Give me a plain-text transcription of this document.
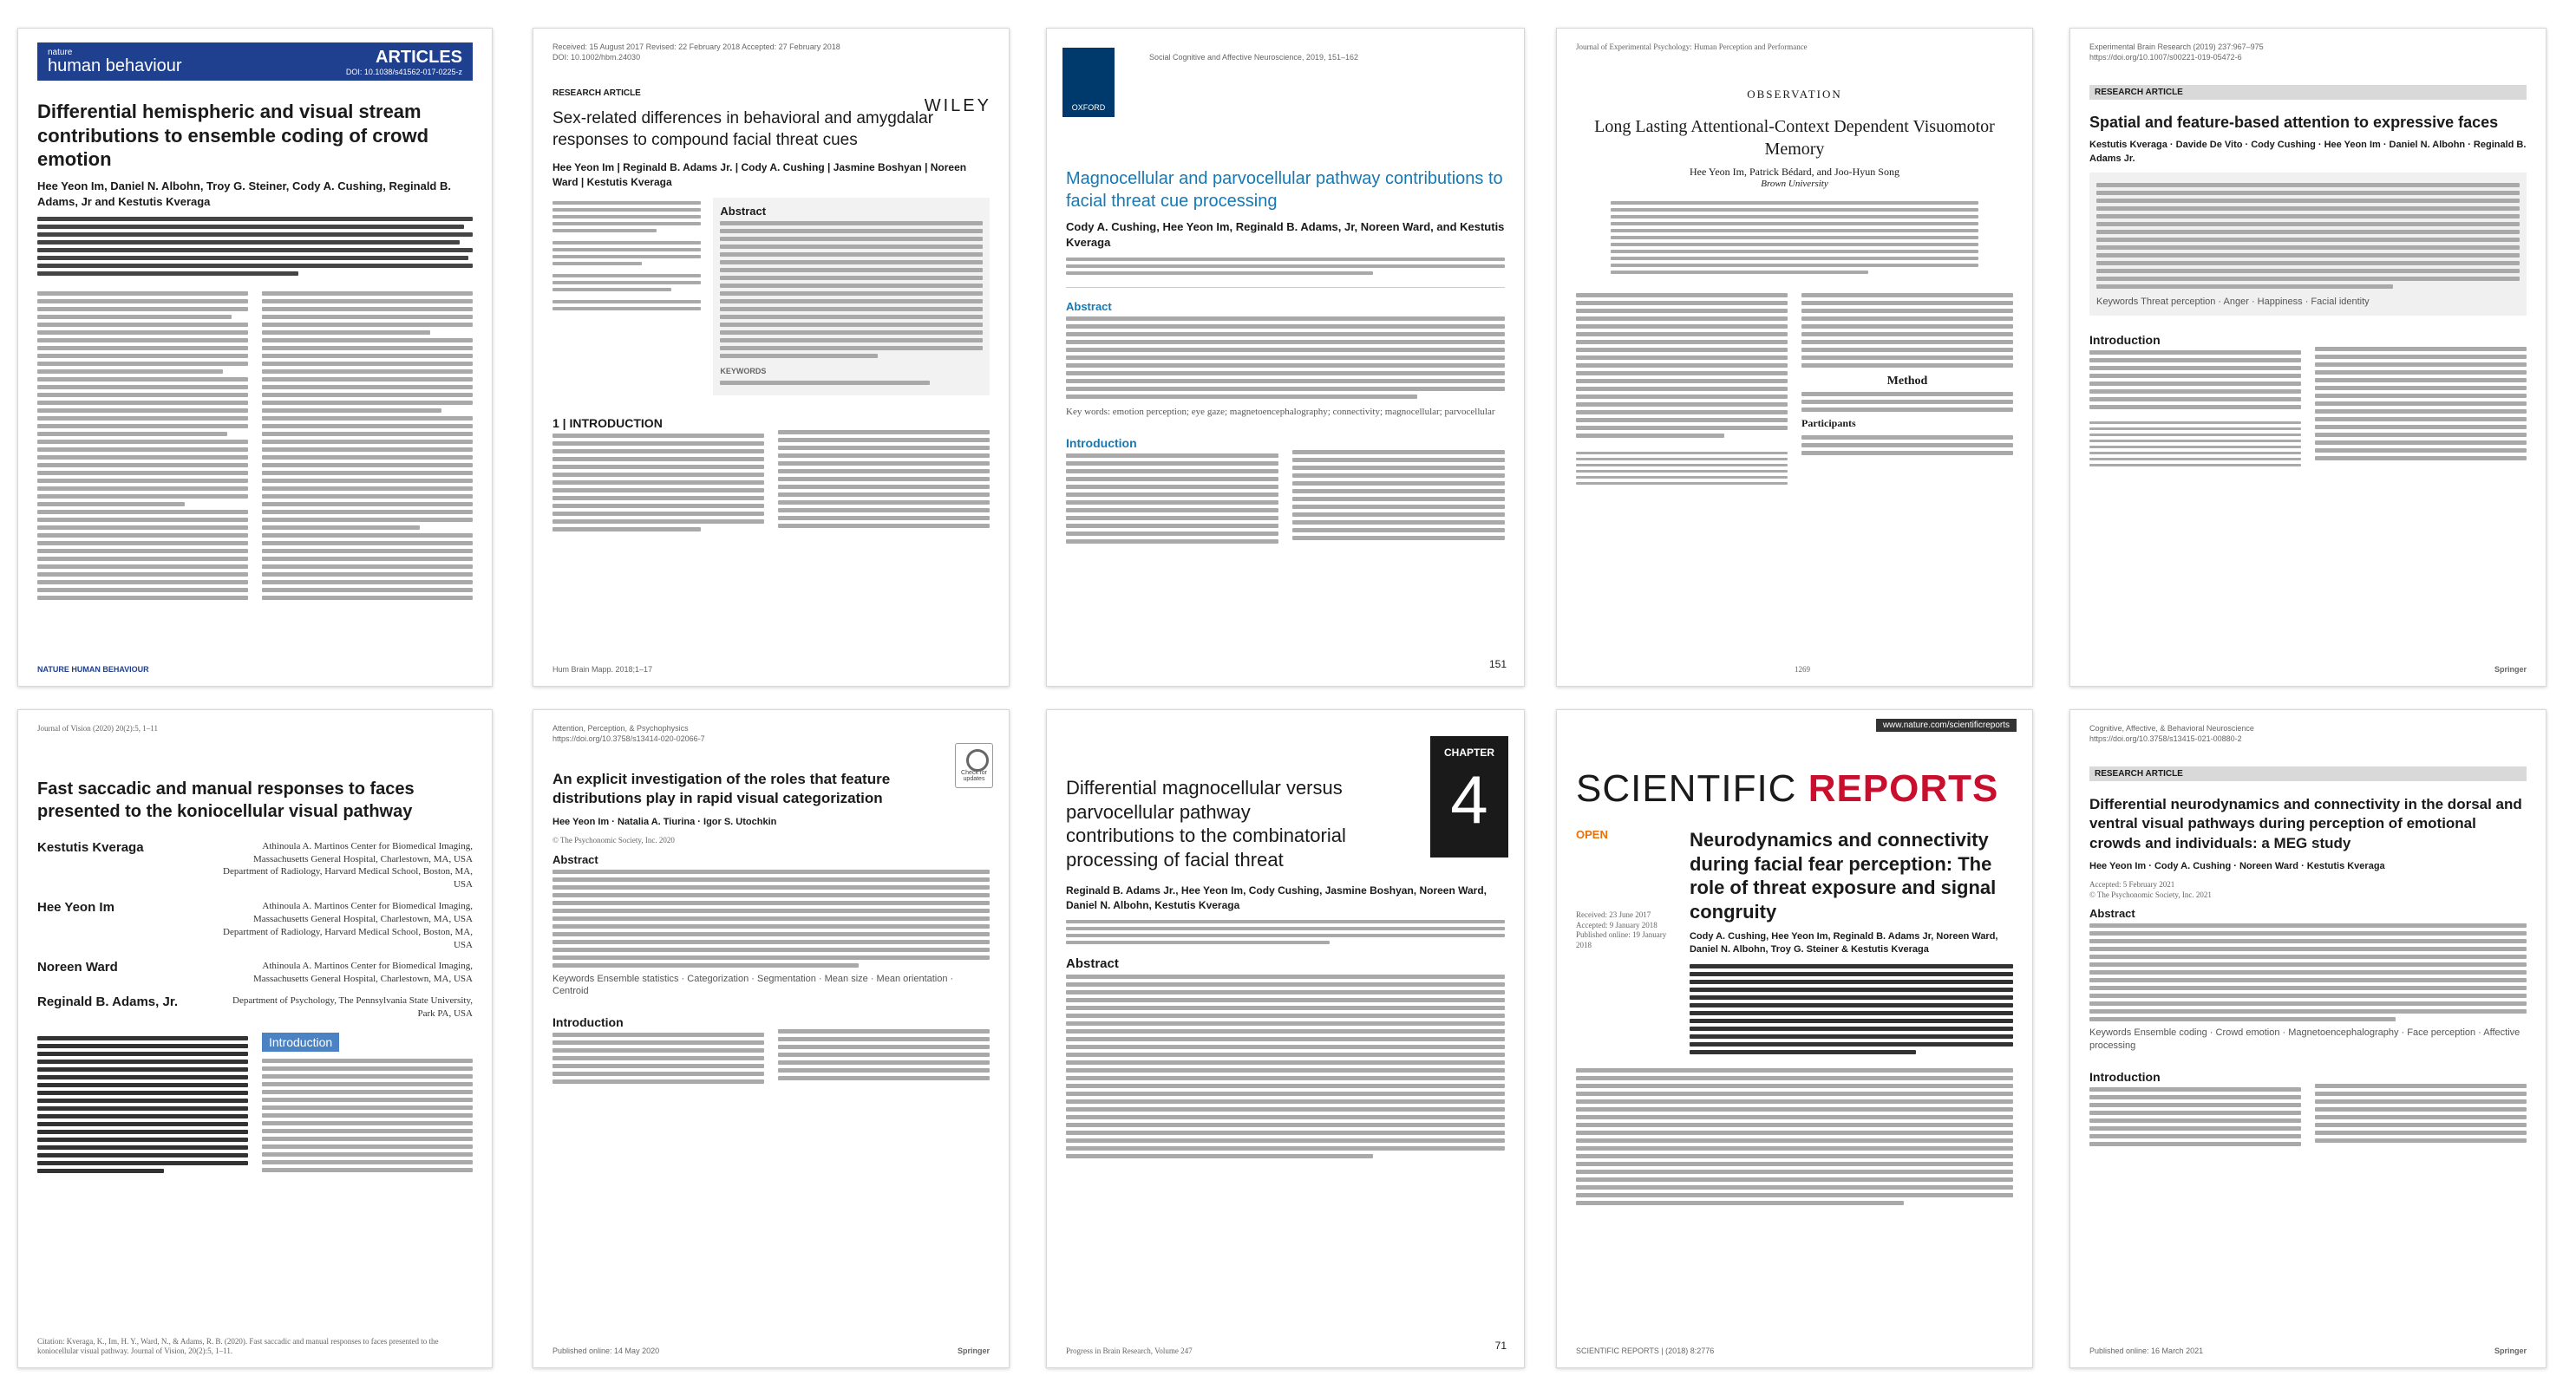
nature
human behaviour	ARTICLES
DOI: 10.1038/s41562-017-0225-z
Differential hemispheric and visual stream contributions to ensemble coding of crowd emotion
Hee Yeon Im, Daniel N. Albohn, Troy G. Steiner, Cody A. Cushing, Reginald B. Adams, Jr and Kestutis Kveraga
NATURE HUMAN BEHAVIOUR
Received: 15 August 2017 Revised: 22 February 2018 Accepted: 27 February 2018
DOI: 10.1002/hbm.24030
WILEY
RESEARCH ARTICLE
Sex-related differences in behavioral and amygdalar responses to compound facial threat cues
Hee Yeon Im | Reginald B. Adams Jr. | Cody A. Cushing | Jasmine Boshyan | Noreen Ward | Kestutis Kveraga
Abstract
KEYWORDS
1 | INTRODUCTION
Hum Brain Mapp. 2018;1–17
OXFORD
Social Cognitive and Affective Neuroscience, 2019, 151–162
Magnocellular and parvocellular pathway contributions to facial threat cue processing
Cody A. Cushing, Hee Yeon Im, Reginald B. Adams, Jr, Noreen Ward, and Kestutis Kveraga
Abstract
Key words: emotion perception; eye gaze; magnetoencephalography; connectivity; magnocellular; parvocellular
Introduction
151
Journal of Experimental Psychology: Human Perception and Performance
OBSERVATION
Long Lasting Attentional-Context Dependent Visuomotor Memory
Hee Yeon Im, Patrick Bédard, and Joo-Hyun Song
Brown University
Method
Participants
1269
Experimental Brain Research (2019) 237:967–975
https://doi.org/10.1007/s00221-019-05472-6
RESEARCH ARTICLE
Spatial and feature-based attention to expressive faces
Kestutis Kveraga · Davide De Vito · Cody Cushing · Hee Yeon Im · Daniel N. Albohn · Reginald B. Adams Jr.
Keywords Threat perception · Anger · Happiness · Facial identity
Introduction
Springer
Journal of Vision (2020) 20(2):5, 1–11
Fast saccadic and manual responses to faces presented to the koniocellular visual pathway
Kestutis Kveraga	Athinoula A. Martinos Center for Biomedical Imaging, Massachusetts General Hospital, Charlestown, MA, USA Department of Radiology, Harvard Medical School, Boston, MA, USA
Hee Yeon Im	Athinoula A. Martinos Center for Biomedical Imaging, Massachusetts General Hospital, Charlestown, MA, USA Department of Radiology, Harvard Medical School, Boston, MA, USA
Noreen Ward	Athinoula A. Martinos Center for Biomedical Imaging, Massachusetts General Hospital, Charlestown, MA, USA
Reginald B. Adams, Jr.	Department of Psychology, The Pennsylvania State University, Park PA, USA
Introduction
Citation: Kveraga, K., Im, H. Y., Ward, N., & Adams, R. B. (2020). Fast saccadic and manual responses to faces presented to the koniocellular visual pathway. Journal of Vision, 20(2):5, 1–11.
Attention, Perception, & Psychophysics
https://doi.org/10.3758/s13414-020-02066-7
Check for updates
An explicit investigation of the roles that feature distributions play in rapid visual categorization
Hee Yeon Im · Natalia A. Tiurina · Igor S. Utochkin
© The Psychonomic Society, Inc. 2020
Abstract
Keywords Ensemble statistics · Categorization · Segmentation · Mean size · Mean orientation · Centroid
Introduction
Published online: 14 May 2020	Springer
CHAPTER
4
Differential magnocellular versus parvocellular pathway contributions to the combinatorial processing of facial threat
Reginald B. Adams Jr., Hee Yeon Im, Cody Cushing, Jasmine Boshyan, Noreen Ward, Daniel N. Albohn, Kestutis Kveraga
Abstract
Progress in Brain Research, Volume 247	71
www.nature.com/scientificreports
SCIENTIFIC REPORTS
OPEN
Received: 23 June 2017
Accepted: 9 January 2018
Published online: 19 January 2018
Neurodynamics and connectivity during facial fear perception: The role of threat exposure and signal congruity
Cody A. Cushing, Hee Yeon Im, Reginald B. Adams Jr, Noreen Ward, Daniel N. Albohn, Troy G. Steiner & Kestutis Kveraga
SCIENTIFIC REPORTS | (2018) 8:2776
Cognitive, Affective, & Behavioral Neuroscience
https://doi.org/10.3758/s13415-021-00880-2
RESEARCH ARTICLE
Differential neurodynamics and connectivity in the dorsal and ventral visual pathways during perception of emotional crowds and individuals: a MEG study
Hee Yeon Im · Cody A. Cushing · Noreen Ward · Kestutis Kveraga
Accepted: 5 February 2021
© The Psychonomic Society, Inc. 2021
Abstract
Keywords Ensemble coding · Crowd emotion · Magnetoencephalography · Face perception · Affective processing
Introduction
Published online: 16 March 2021	Springer
